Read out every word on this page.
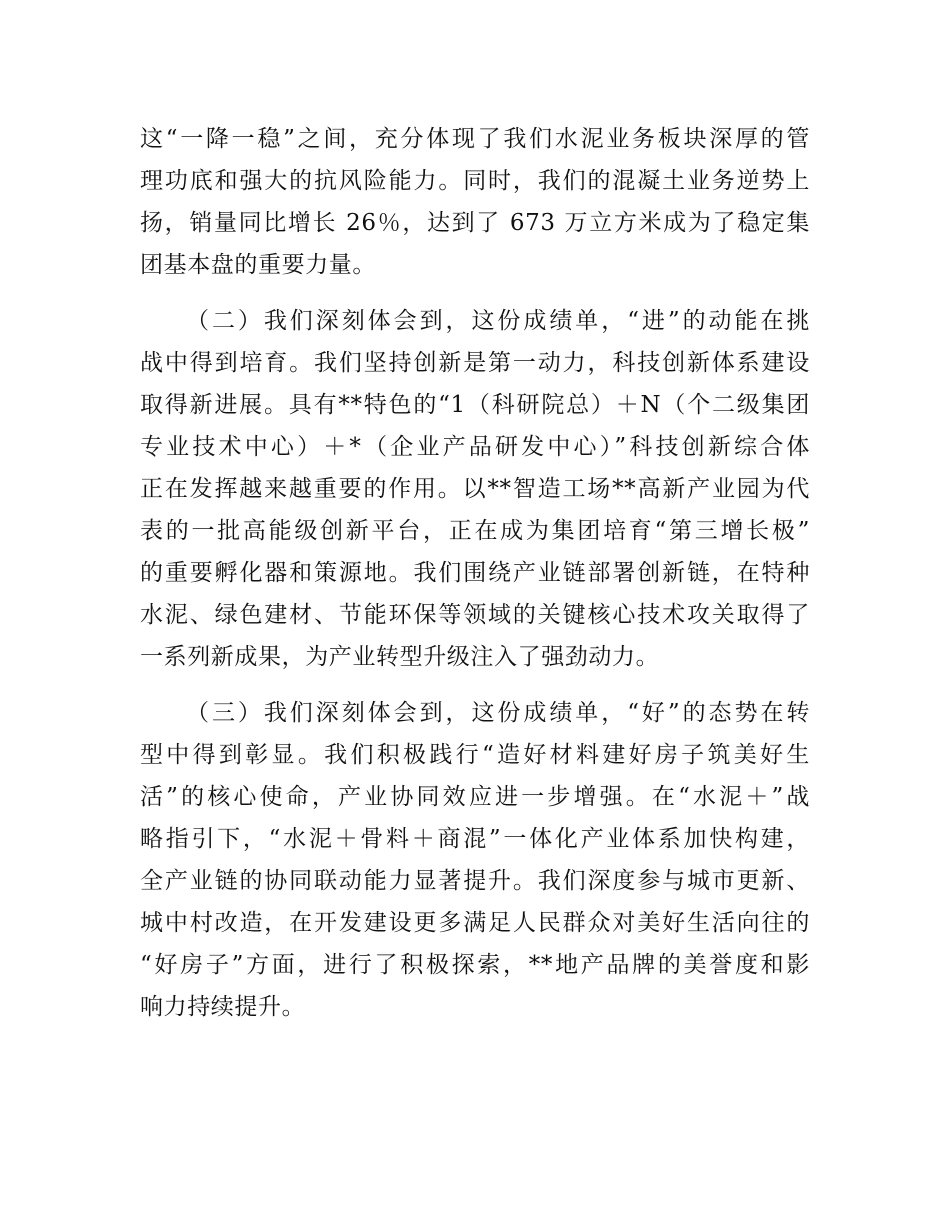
这“一降一稳”之间，充分体现了我们水泥业务板块深厚的管
理功底和强大的抗风险能力。同时，我们的混凝土业务逆势上
扬，销量同比增长 26％，达到了 673 万立方米成为了稳定集
团基本盘的重要力量。
（二）我们深刻体会到，这份成绩单，“进”的动能在挑
战中得到培育。我们坚持创新是第一动力，科技创新体系建设
取得新进展。具有**特色的“1（科研院总）＋N（个二级集团
专业技术中心）＋*（企业产品研发中心）”科技创新综合体
正在发挥越来越重要的作用。以**智造工场**高新产业园为代
表的一批高能级创新平台，正在成为集团培育“第三增长极”
的重要孵化器和策源地。我们围绕产业链部署创新链，在特种
水泥、绿色建材、节能环保等领域的关键核心技术攻关取得了
一系列新成果，为产业转型升级注入了强劲动力。
（三）我们深刻体会到，这份成绩单，“好”的态势在转
型中得到彰显。我们积极践行“造好材料建好房子筑美好生
活”的核心使命，产业协同效应进一步增强。在“水泥＋”战
略指引下，“水泥＋骨料＋商混”一体化产业体系加快构建，
全产业链的协同联动能力显著提升。我们深度参与城市更新、
城中村改造，在开发建设更多满足人民群众对美好生活向往的
“好房子”方面，进行了积极探索，**地产品牌的美誉度和影
响力持续提升。
